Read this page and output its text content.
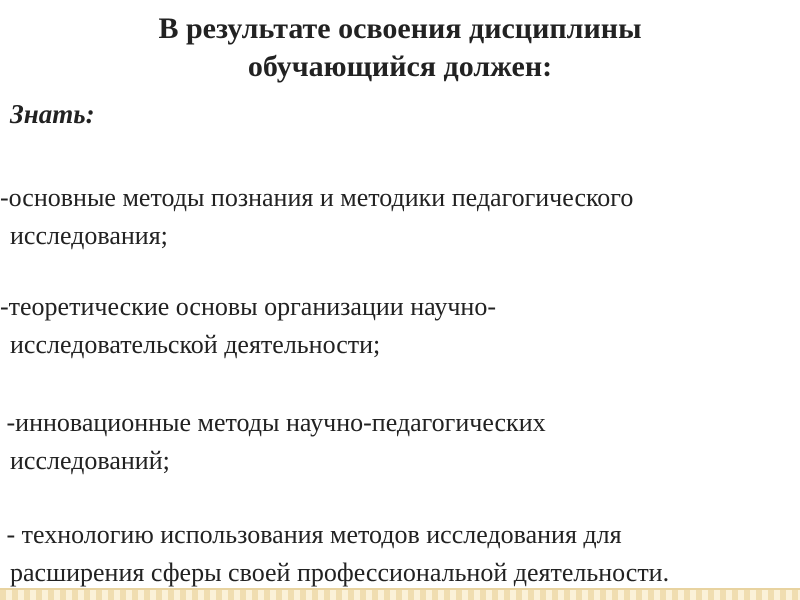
В результате освоения дисциплины
обучающийся должен:
Знать:
-основные методы познания и методики педагогического
исследования;
-теоретические основы организации научно-
исследовательской деятельности;
-инновационные методы научно-педагогических
исследований;
- технологию использования методов исследования для
расширения сферы своей профессиональной деятельности.
